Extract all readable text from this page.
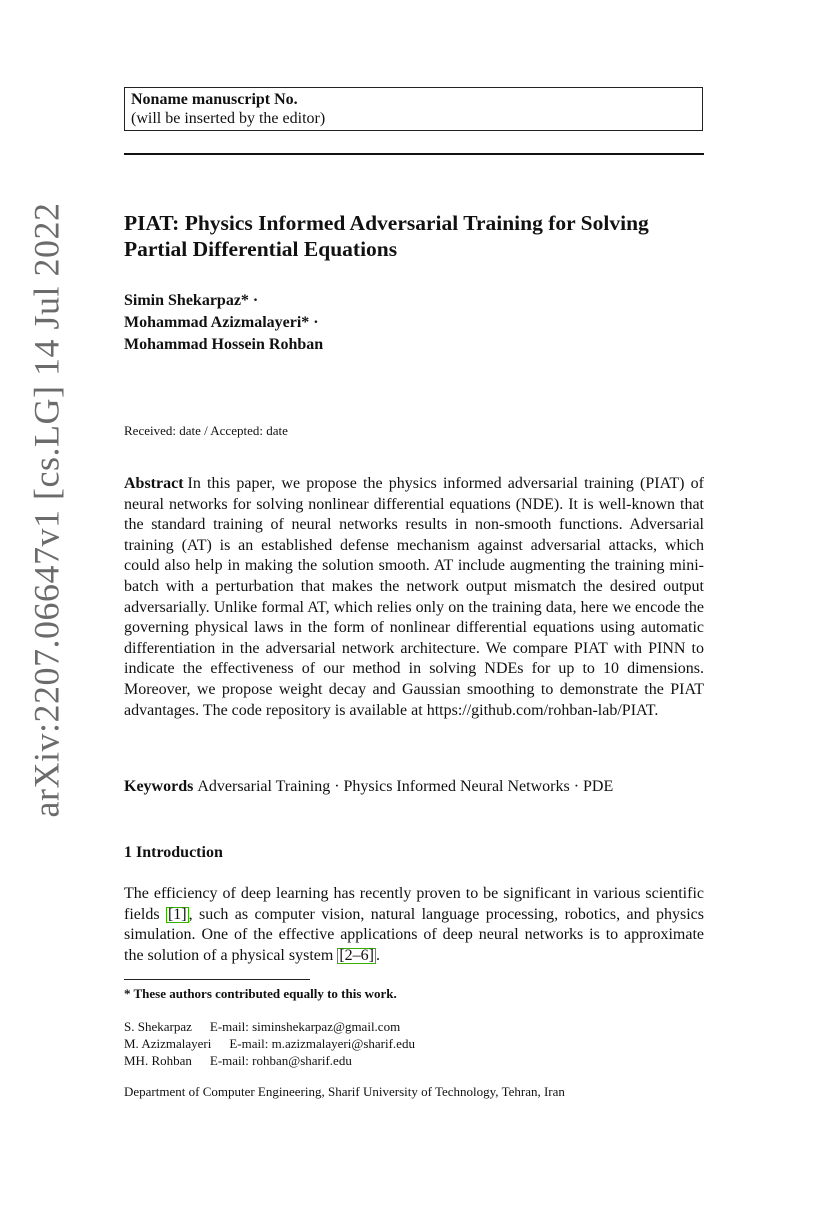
arXiv:2207.06647v1 [cs.LG] 14 Jul 2022
Noname manuscript No.
(will be inserted by the editor)
PIAT: Physics Informed Adversarial Training for Solving Partial Differential Equations
Simin Shekarpaz* ·
Mohammad Azizmalayeri* ·
Mohammad Hossein Rohban
Received: date / Accepted: date

Abstract In this paper, we propose the physics informed adversarial training (PIAT) of neural networks for solving nonlinear differential equations (NDE). It is well-known that the standard training of neural networks results in non-smooth functions. Adversarial training (AT) is an established defense mechanism against adversarial attacks, which could also help in making the solution smooth. AT include augmenting the training mini-batch with a perturbation that makes the network output mismatch the desired output adversarially. Unlike formal AT, which relies only on the training data, here we encode the governing physical laws in the form of nonlinear differential equations using automatic differentiation in the adversarial network architecture. We compare PIAT with PINN to indicate the effectiveness of our method in solving NDEs for up to 10 dimensions. Moreover, we propose weight decay and Gaussian smoothing to demonstrate the PIAT advantages. The code repository is available at https://github.com/rohban-lab/PIAT.

Keywords Adversarial Training · Physics Informed Neural Networks · PDE

1 Introduction

The efficiency of deep learning has recently proven to be significant in various scientific fields [1] , such as computer vision, natural language processing, robotics, and physics simulation. One of the effective applications of deep neural networks is to approximate the solution of a physical system [2–6] .

* These authors contributed equally to this work.
S. Shekarpaz E-mail: siminshekarpaz@gmail.com
M. Azizmalayeri E-mail: m.azizmalayeri@sharif.edu
MH. Rohban E-mail: rohban@sharif.edu
Department of Computer Engineering, Sharif University of Technology, Tehran, Iran
